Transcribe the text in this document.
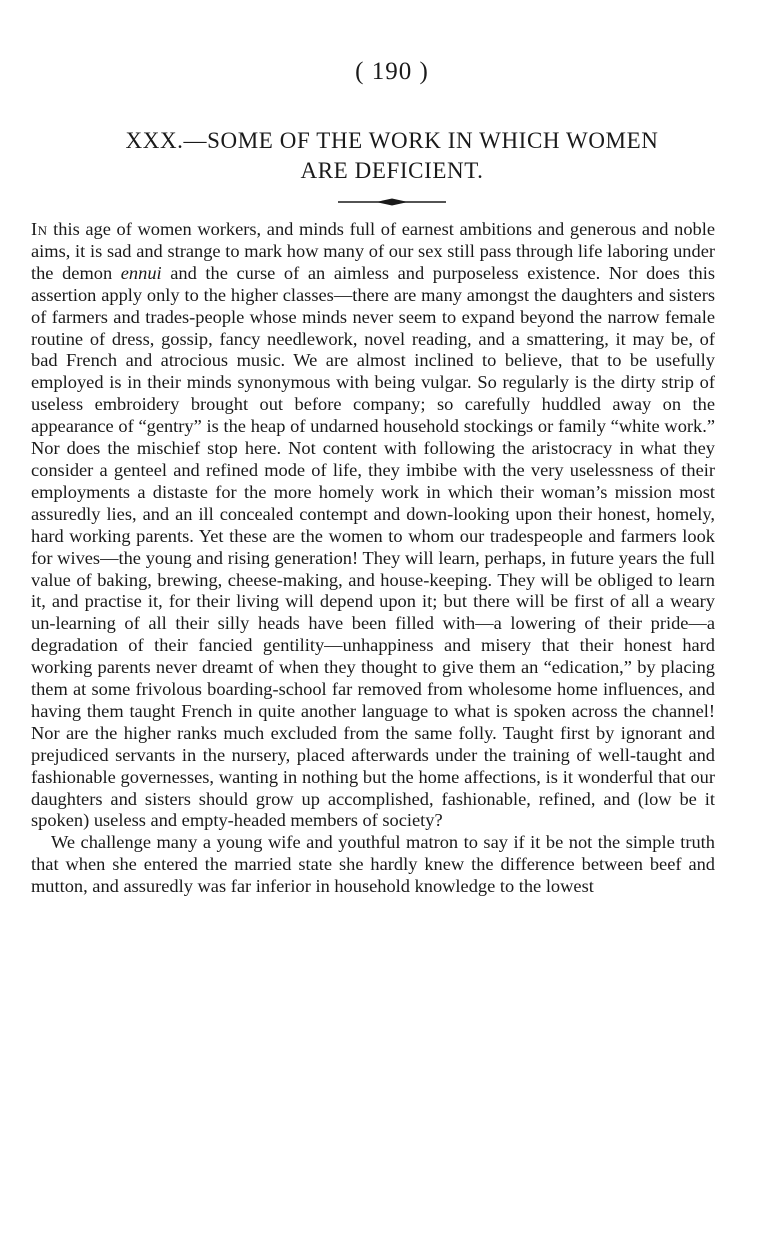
( 190 )
XXX.—SOME OF THE WORK IN WHICH WOMEN
ARE DEFICIENT.

In this age of women workers, and minds full of earnest ambitions and generous and noble aims, it is sad and strange to mark how many of our sex still pass through life laboring under the demon ennui and the curse of an aimless and purposeless existence. Nor does this assertion apply only to the higher classes—there are many amongst the daughters and sisters of farmers and trades-people whose minds never seem to expand beyond the narrow female routine of dress, gossip, fancy needlework, novel reading, and a smattering, it may be, of bad French and atrocious music. We are almost inclined to believe, that to be usefully employed is in their minds synonymous with being vulgar. So regularly is the dirty strip of useless embroidery brought out before company; so carefully huddled away on the appearance of “gentry” is the heap of undarned household stockings or family “white work.” Nor does the mischief stop here. Not content with following the aristocracy in what they consider a genteel and refined mode of life, they imbibe with the very uselessness of their employments a distaste for the more homely work in which their woman’s mission most assuredly lies, and an ill concealed contempt and down-looking upon their honest, homely, hard working parents. Yet these are the women to whom our tradespeople and farmers look for wives—the young and rising generation! They will learn, perhaps, in future years the full value of baking, brewing, cheese-making, and house-keeping. They will be obliged to learn it, and practise it, for their living will depend upon it; but there will be first of all a weary un-learning of all their silly heads have been filled with—a lowering of their pride—a degradation of their fancied gentility—unhappiness and misery that their honest hard working parents never dreamt of when they thought to give them an “edication,” by placing them at some frivolous boarding-school far removed from wholesome home influences, and having them taught French in quite another language to what is spoken across the channel! Nor are the higher ranks much excluded from the same folly. Taught first by ignorant and prejudiced servants in the nursery, placed afterwards under the training of well-taught and fashionable governesses, wanting in nothing but the home affections, is it wonderful that our daughters and sisters should grow up accomplished, fashionable, refined, and (low be it spoken) useless and empty-headed members of society?

We challenge many a young wife and youthful matron to say if it be not the simple truth that when she entered the married state she hardly knew the difference between beef and mutton, and assuredly was far inferior in household knowledge to the lowest
